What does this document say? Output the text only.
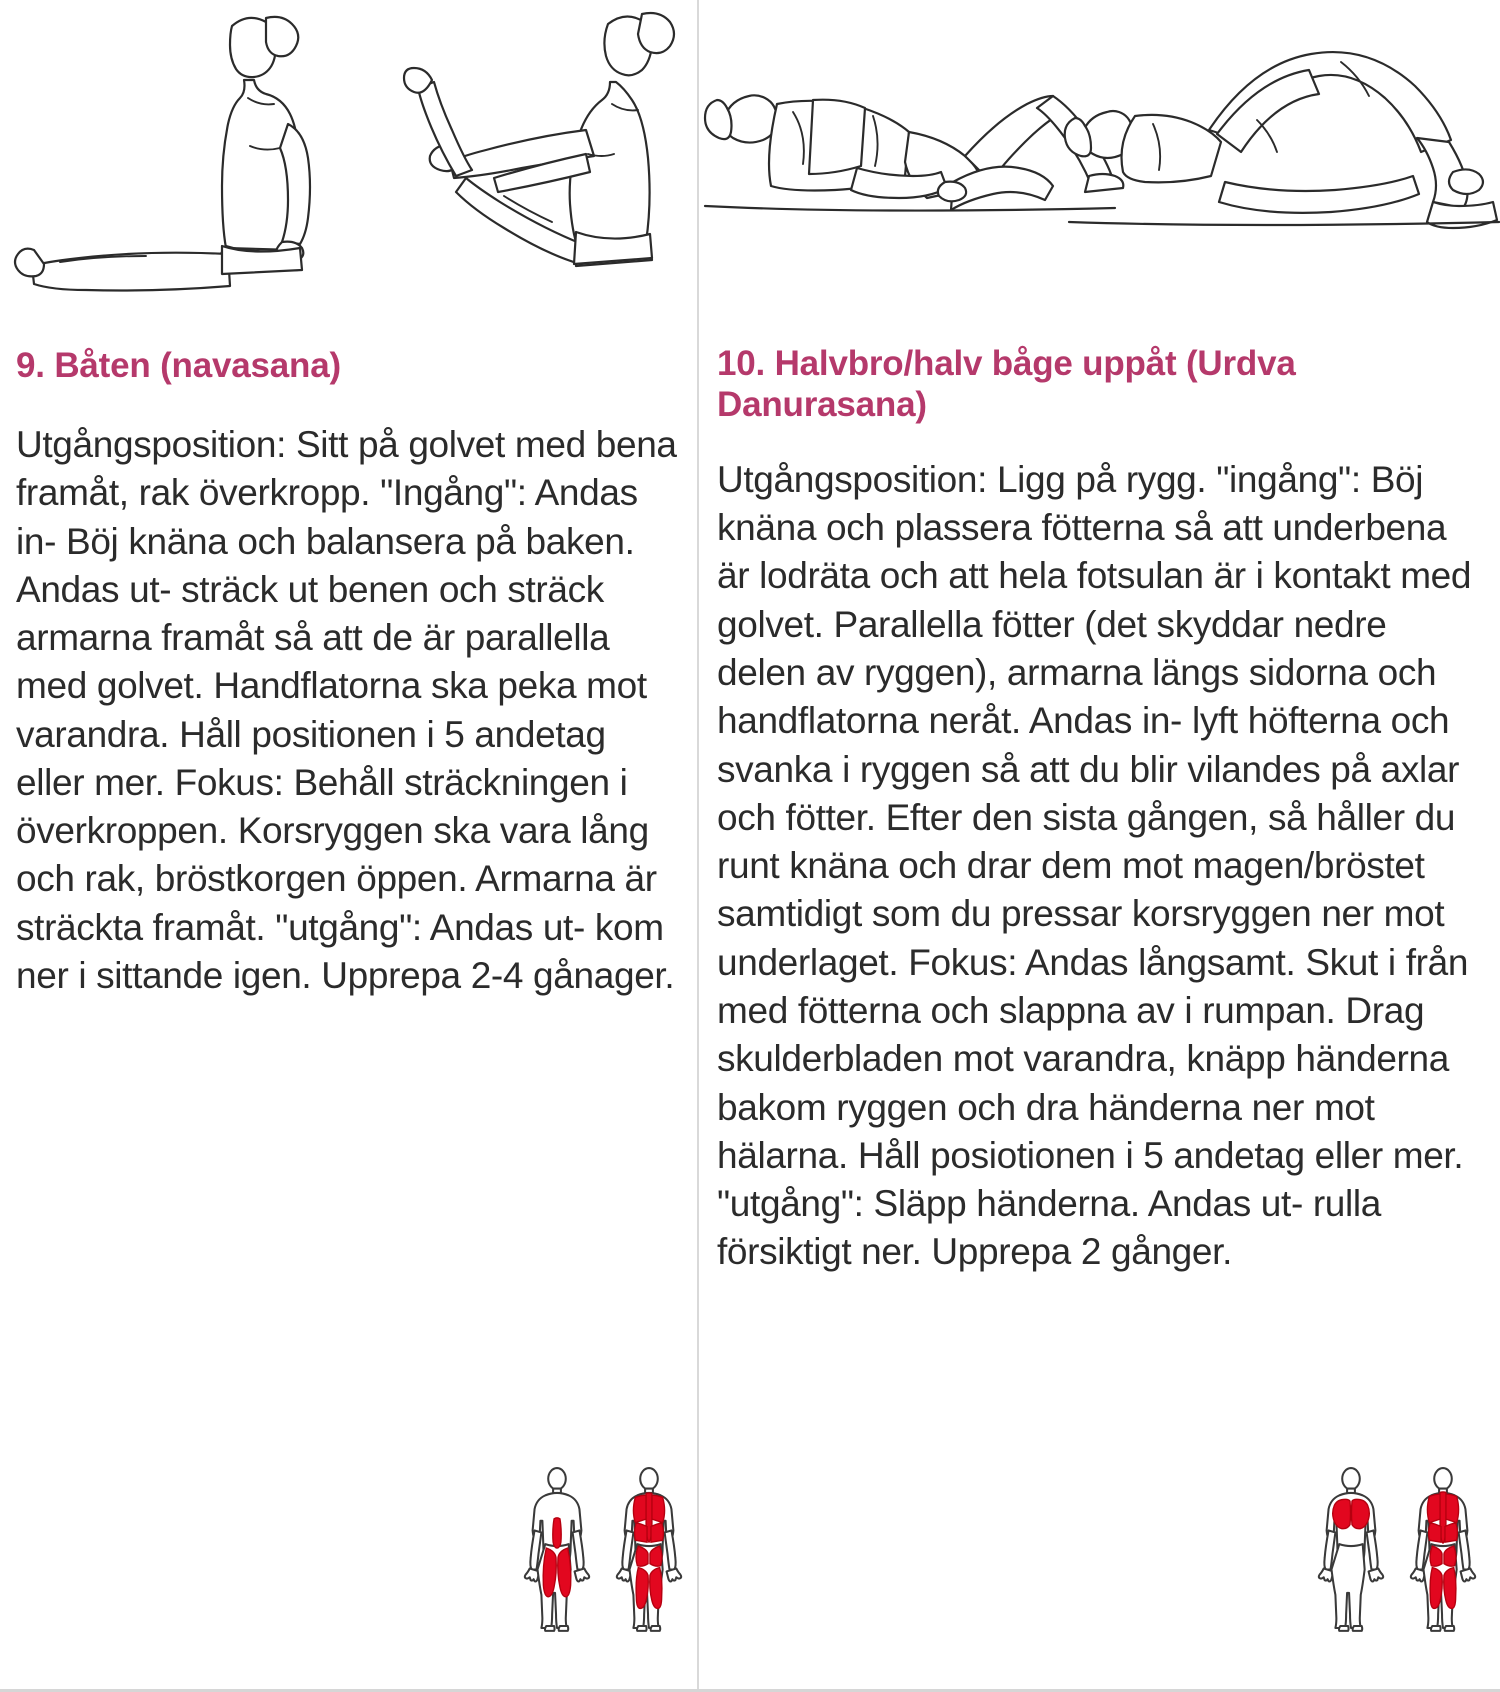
9. Båten (navasana)

Utgångsposition: Sitt på golvet med bena framåt, rak överkropp. "Ingång": Andas in- Böj knäna och balansera på baken. Andas ut- sträck ut benen och sträck armarna framåt så att de är parallella med golvet. Handflatorna ska peka mot varandra. Håll positionen i 5 andetag eller mer. Fokus: Behåll sträckningen i överkroppen. Korsryggen ska vara lång och rak, bröstkorgen öppen. Armarna är sträckta framåt. "utgång": Andas ut- kom ner i sittande igen. Upprepa 2-4 gånager.

10. Halvbro/halv båge uppåt (Urdva Danurasana)

Utgångsposition: Ligg på rygg. "ingång": Böj knäna och plassera fötterna så att underbena är lodräta och att hela fotsulan är i kontakt med golvet. Parallella fötter (det skyddar nedre delen av ryggen), armarna längs sidorna och handflatorna neråt. Andas in- lyft höfterna och svanka i ryggen så att du blir vilandes på axlar och fötter. Efter den sista gången, så håller du runt knäna och drar dem mot magen/bröstet samtidigt som du pressar korsryggen ner mot underlaget. Fokus: Andas långsamt. Skut i från med fötterna och slappna av i rumpan. Drag skulderbladen mot varandra, knäpp händerna bakom ryggen och dra händerna ner mot hälarna. Håll posiotionen i 5 andetag eller mer. "utgång": Släpp händerna. Andas ut- rulla försiktigt ner. Upprepa 2 gånger.
